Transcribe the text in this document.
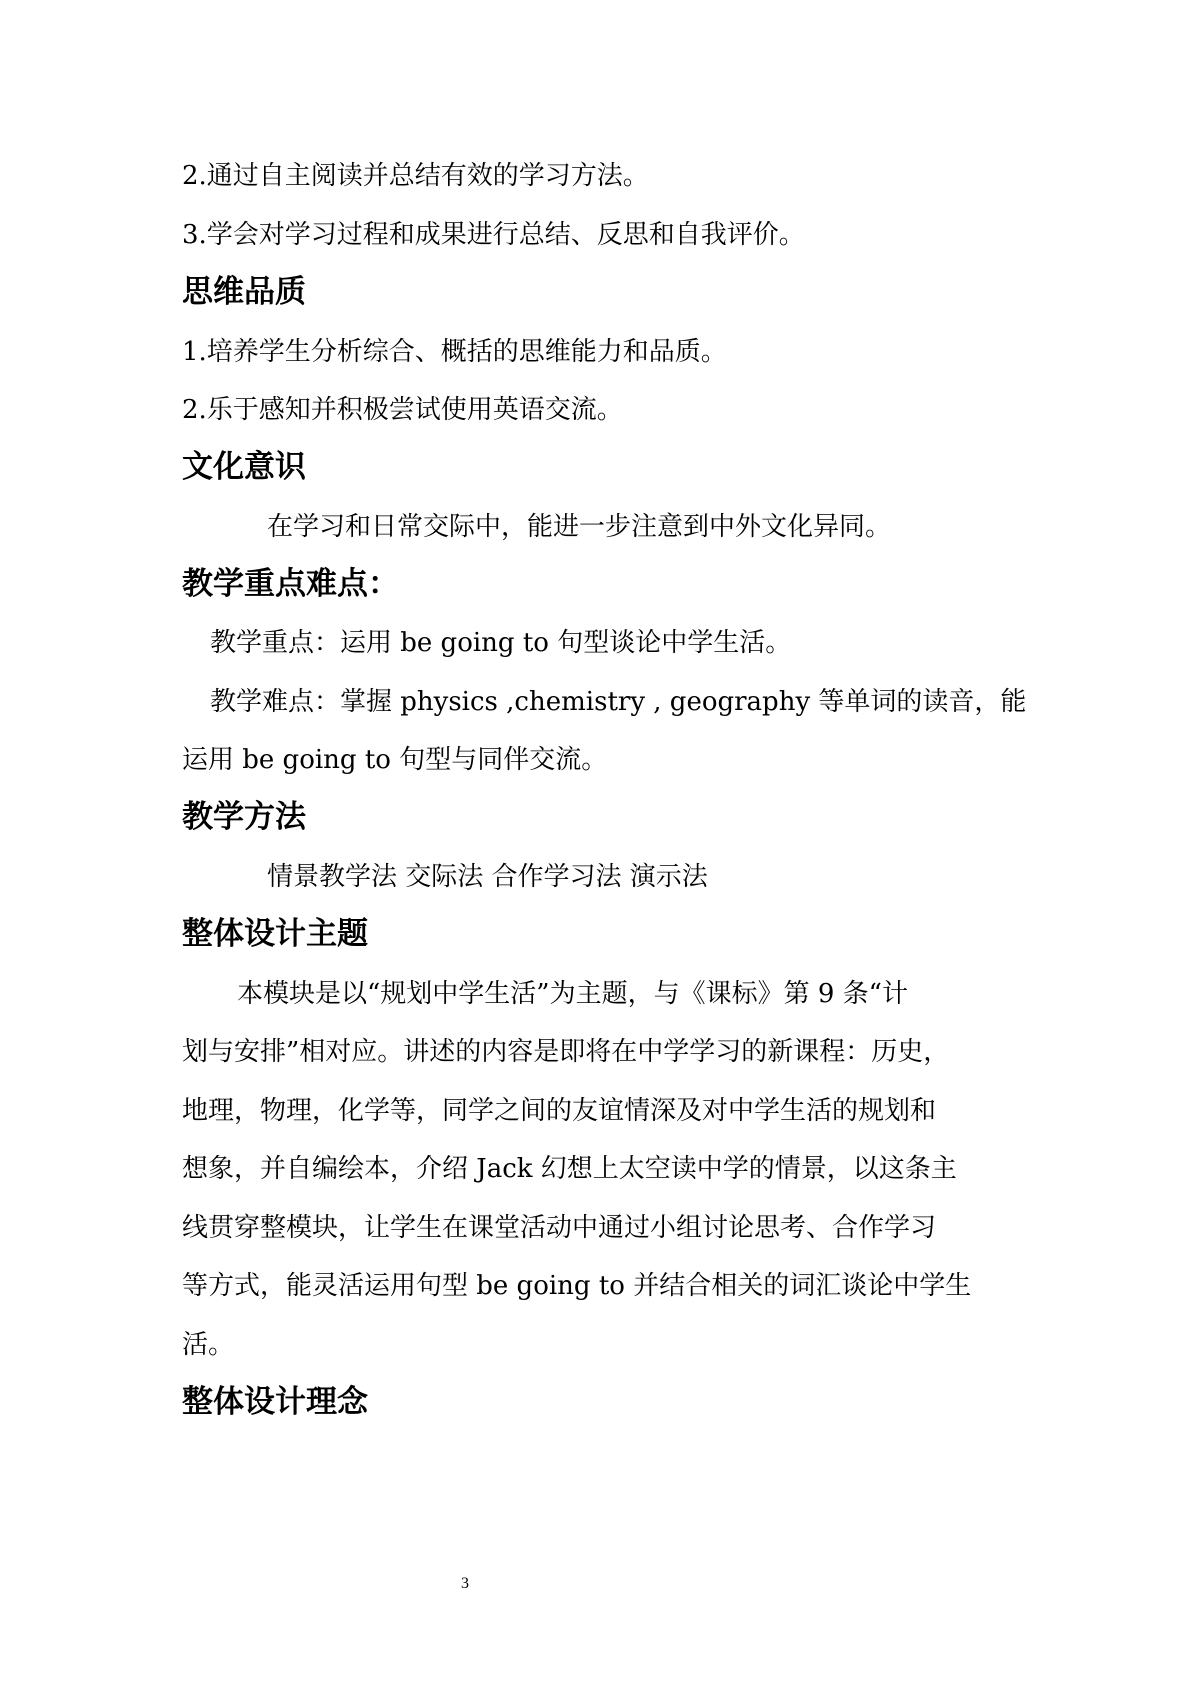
2.通过自主阅读并总结有效的学习方法。
3.学会对学习过程和成果进行总结、反思和自我评价。
思维品质
1.培养学生分析综合、概括的思维能力和品质。
2.乐于感知并积极尝试使用英语交流。
文化意识
在学习和日常交际中，能进一步注意到中外文化异同。
教学重点难点：
教学重点：运用 be going to 句型谈论中学生活。
教学难点：掌握 physics ,chemistry , geography 等单词的读音，能
运用 be going to 句型与同伴交流。
教学方法
情景教学法 交际法 合作学习法 演示法
整体设计主题
本模块是以“规划中学生活”为主题，与《课标》第 9 条“计
划与安排”相对应。讲述的内容是即将在中学学习的新课程：历史，
地理，物理，化学等，同学之间的友谊情深及对中学生活的规划和
想象，并自编绘本，介绍 Jack 幻想上太空读中学的情景，以这条主
线贯穿整模块，让学生在课堂活动中通过小组讨论思考、合作学习
等方式，能灵活运用句型 be going to 并结合相关的词汇谈论中学生
活。
整体设计理念
3
